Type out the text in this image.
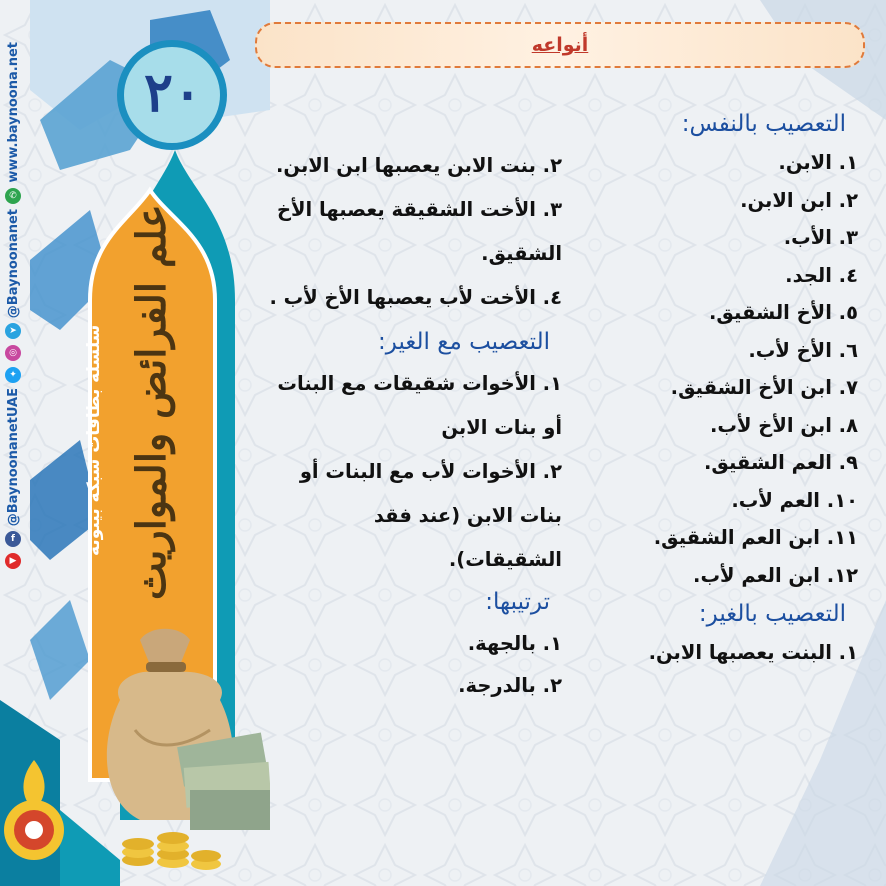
٢٠
سلسلة بطاقات شبكة بينونة علم الفرائض والمواريث
www.baynoona.net
✆
@Baynoonanet
➤
◎
✦
@BaynoonanetUAE
f
▶
أنواعه
التعصيب بالنفس:
١. الابن.
٢. ابن الابن.
٣. الأب.
٤. الجد.
٥. الأخ الشقيق.
٦. الأخ لأب.
٧. ابن الأخ الشقيق.
٨. ابن الأخ لأب.
٩. العم الشقيق.
١٠. العم لأب.
١١. ابن العم الشقيق.
١٢. ابن العم لأب.
التعصيب بالغير:
١. البنت يعصبها الابن.

٢. بنت الابن يعصبها ابن الابن.

٣. الأخت الشقيقة يعصبها الأخ الشقيق.

٤. الأخت لأب يعصبها الأخ لأب .

التعصيب مع الغير:

١. الأخوات شقيقات مع البنات أو بنات الابن

٢. الأخوات لأب مع البنات أو بنات الابن (عند فقد الشقيقات).

ترتيبها:
١. بالجهة.
٢. بالدرجة.
